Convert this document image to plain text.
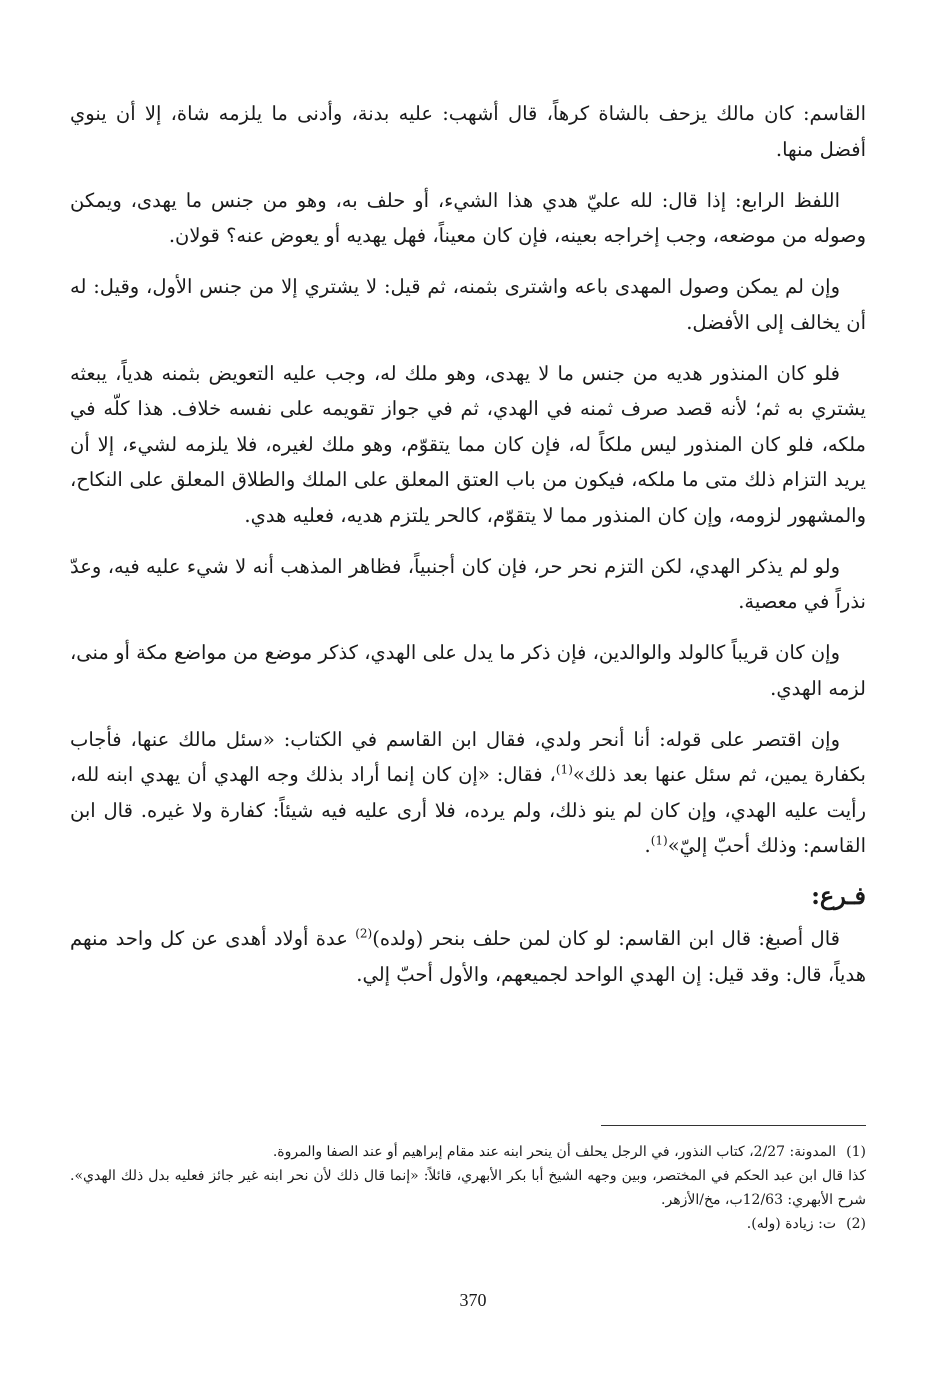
القاسم: كان مالك يزحف بالشاة كرهاً، قال أشهب: عليه بدنة، وأدنى ما يلزمه شاة، إلا أن ينوي أفضل منها.

اللفظ الرابع: إذا قال: لله عليّ هدي هذا الشيء، أو حلف به، وهو من جنس ما يهدى، ويمكن وصوله من موضعه، وجب إخراجه بعينه، فإن كان معيناً، فهل يهديه أو يعوض عنه؟ قولان.

وإن لم يمكن وصول المهدى باعه واشترى بثمنه، ثم قيل: لا يشتري إلا من جنس الأول، وقيل: له أن يخالف إلى الأفضل.

فلو كان المنذور هديه من جنس ما لا يهدى، وهو ملك له، وجب عليه التعويض بثمنه هدياً، يبعثه يشتري به ثم؛ لأنه قصد صرف ثمنه في الهدي، ثم في جواز تقويمه على نفسه خلاف. هذا كلّه في ملكه، فلو كان المنذور ليس ملكاً له، فإن كان مما يتقوّم، وهو ملك لغيره، فلا يلزمه لشيء، إلا أن يريد التزام ذلك متى ما ملكه، فيكون من باب العتق المعلق على الملك والطلاق المعلق على النكاح، والمشهور لزومه، وإن كان المنذور مما لا يتقوّم، كالحر يلتزم هديه، فعليه هدي.

ولو لم يذكر الهدي، لكن التزم نحر حر، فإن كان أجنبياً، فظاهر المذهب أنه لا شيء عليه فيه، وعدّ نذراً في معصية.

وإن كان قريباً كالولد والوالدين، فإن ذكر ما يدل على الهدي، كذكر موضع من مواضع مكة أو منى، لزمه الهدي.

وإن اقتصر على قوله: أنا أنحر ولدي، فقال ابن القاسم في الكتاب: «سئل مالك عنها، فأجاب بكفارة يمين، ثم سئل عنها بعد ذلك»$^{(1)}$، فقال: «إن كان إنما أراد بذلك وجه الهدي أن يهدي ابنه لله، رأيت عليه الهدي، وإن كان لم ينو ذلك، ولم يرده، فلا أرى عليه فيه شيئاً: كفارة ولا غيره. قال ابن القاسم: وذلك أحبّ إليّ»$^{(1)}$.

فـرع:

قال أصبغ: قال ابن القاسم: لو كان لمن حلف بنحر (ولده)$^{(2)}$ عدة أولاد أهدى عن كل واحد منهم هدياً، قال: وقد قيل: إن الهدي الواحد لجميعهم، والأول أحبّ إلي.

(1)المدونة: 2/27، كتاب النذور، في الرجل يحلف أن ينحر ابنه عند مقام إبراهيم أو عند الصفا والمروة.

كذا قال ابن عبد الحكم في المختصر، وبين وجهه الشيخ أبا بكر الأبهري، قائلاً: «إنما قال ذلك لأن نحر ابنه غير جائز فعليه بدل ذلك الهدي». شرح الأبهري: 12/63ب، مخ/الأزهر.

(2)ت: زيادة (وله).

370
